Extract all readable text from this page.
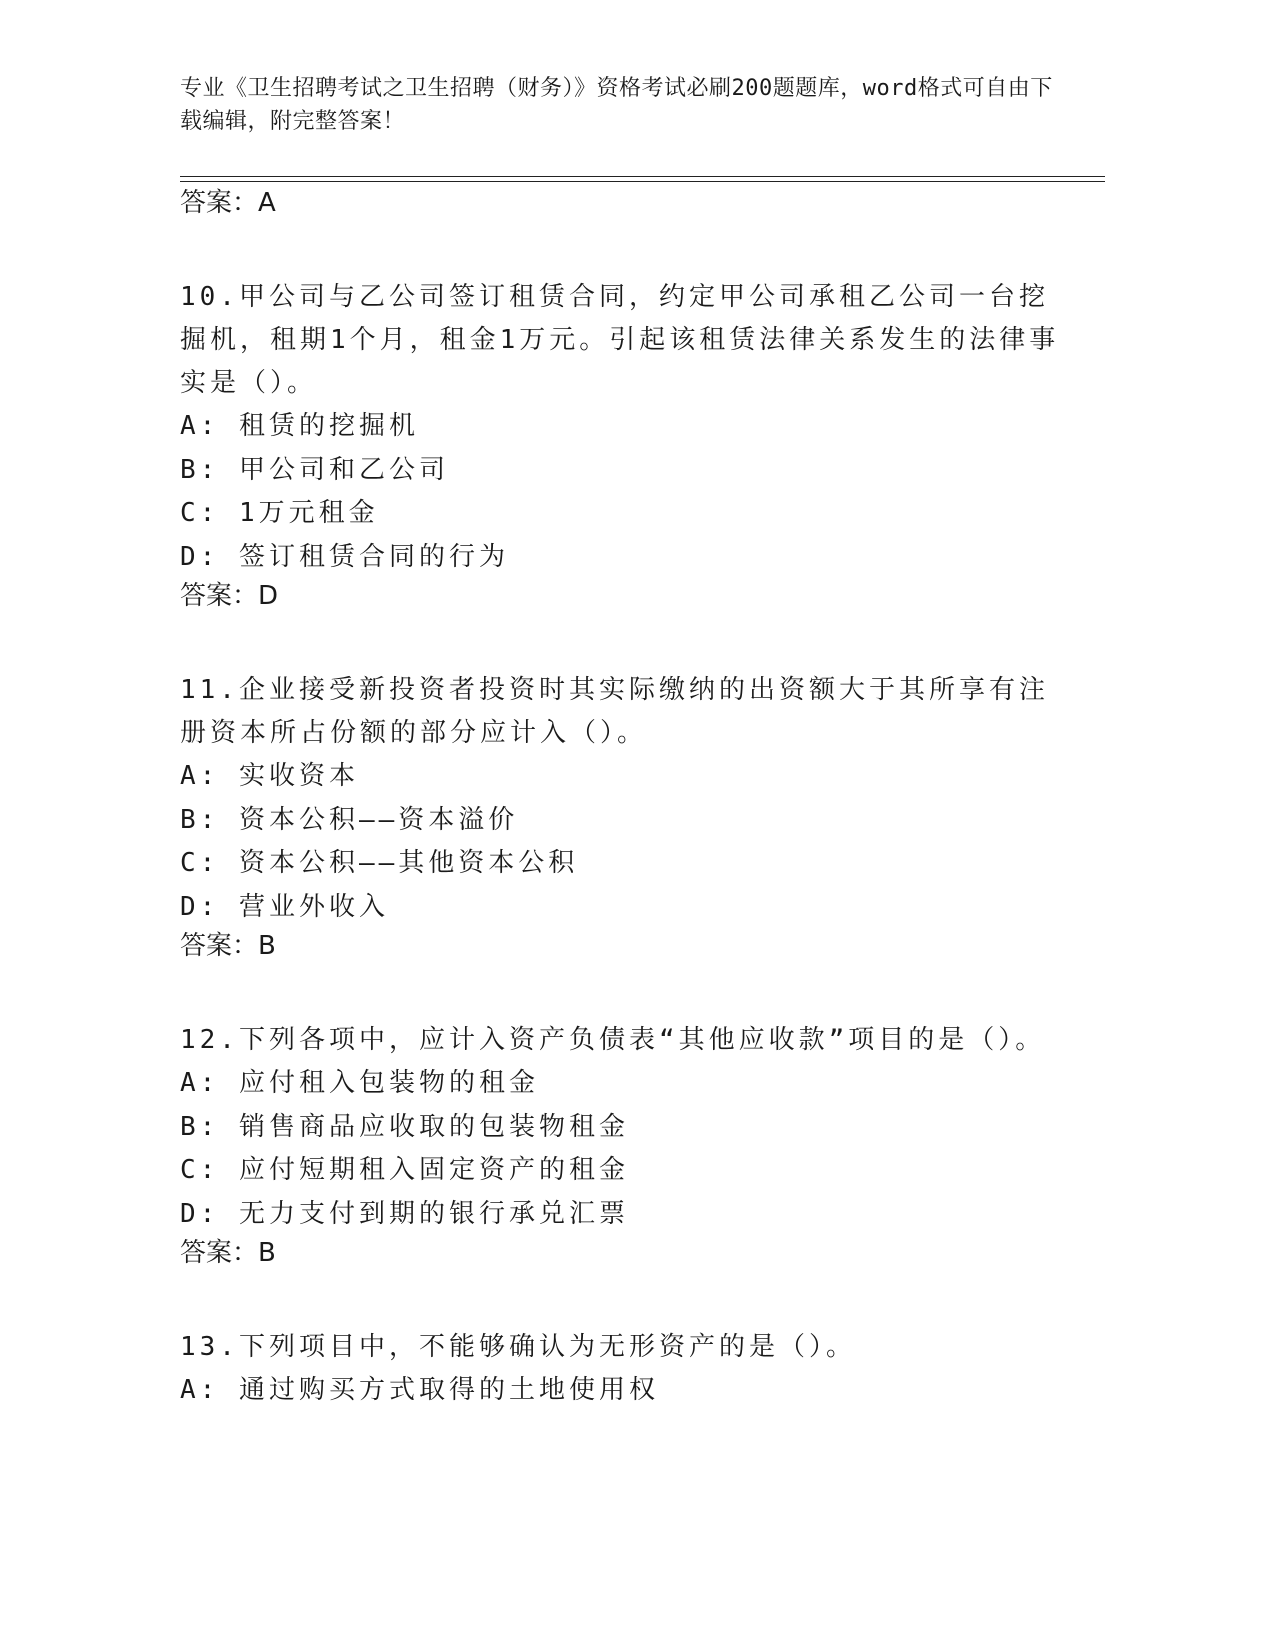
专业《卫生招聘考试之卫生招聘（财务）》资格考试必刷200题题库，word格式可自由下载编辑，附完整答案！
答案：A

10.甲公司与乙公司签订租赁合同，约定甲公司承租乙公司一台挖掘机，租期1个月，租金1万元。引起该租赁法律关系发生的法律事实是（）。

A: 租赁的挖掘机

B: 甲公司和乙公司

C: 1万元租金

D: 签订租赁合同的行为

答案：D

11.企业接受新投资者投资时其实际缴纳的出资额大于其所享有注册资本所占份额的部分应计入（）。

A: 实收资本

B: 资本公积——资本溢价

C: 资本公积——其他资本公积

D: 营业外收入

答案：B

12.下列各项中，应计入资产负债表“其他应收款”项目的是（）。

A: 应付租入包装物的租金

B: 销售商品应收取的包装物租金

C: 应付短期租入固定资产的租金

D: 无力支付到期的银行承兑汇票

答案：B

13.下列项目中，不能够确认为无形资产的是（）。

A: 通过购买方式取得的土地使用权
